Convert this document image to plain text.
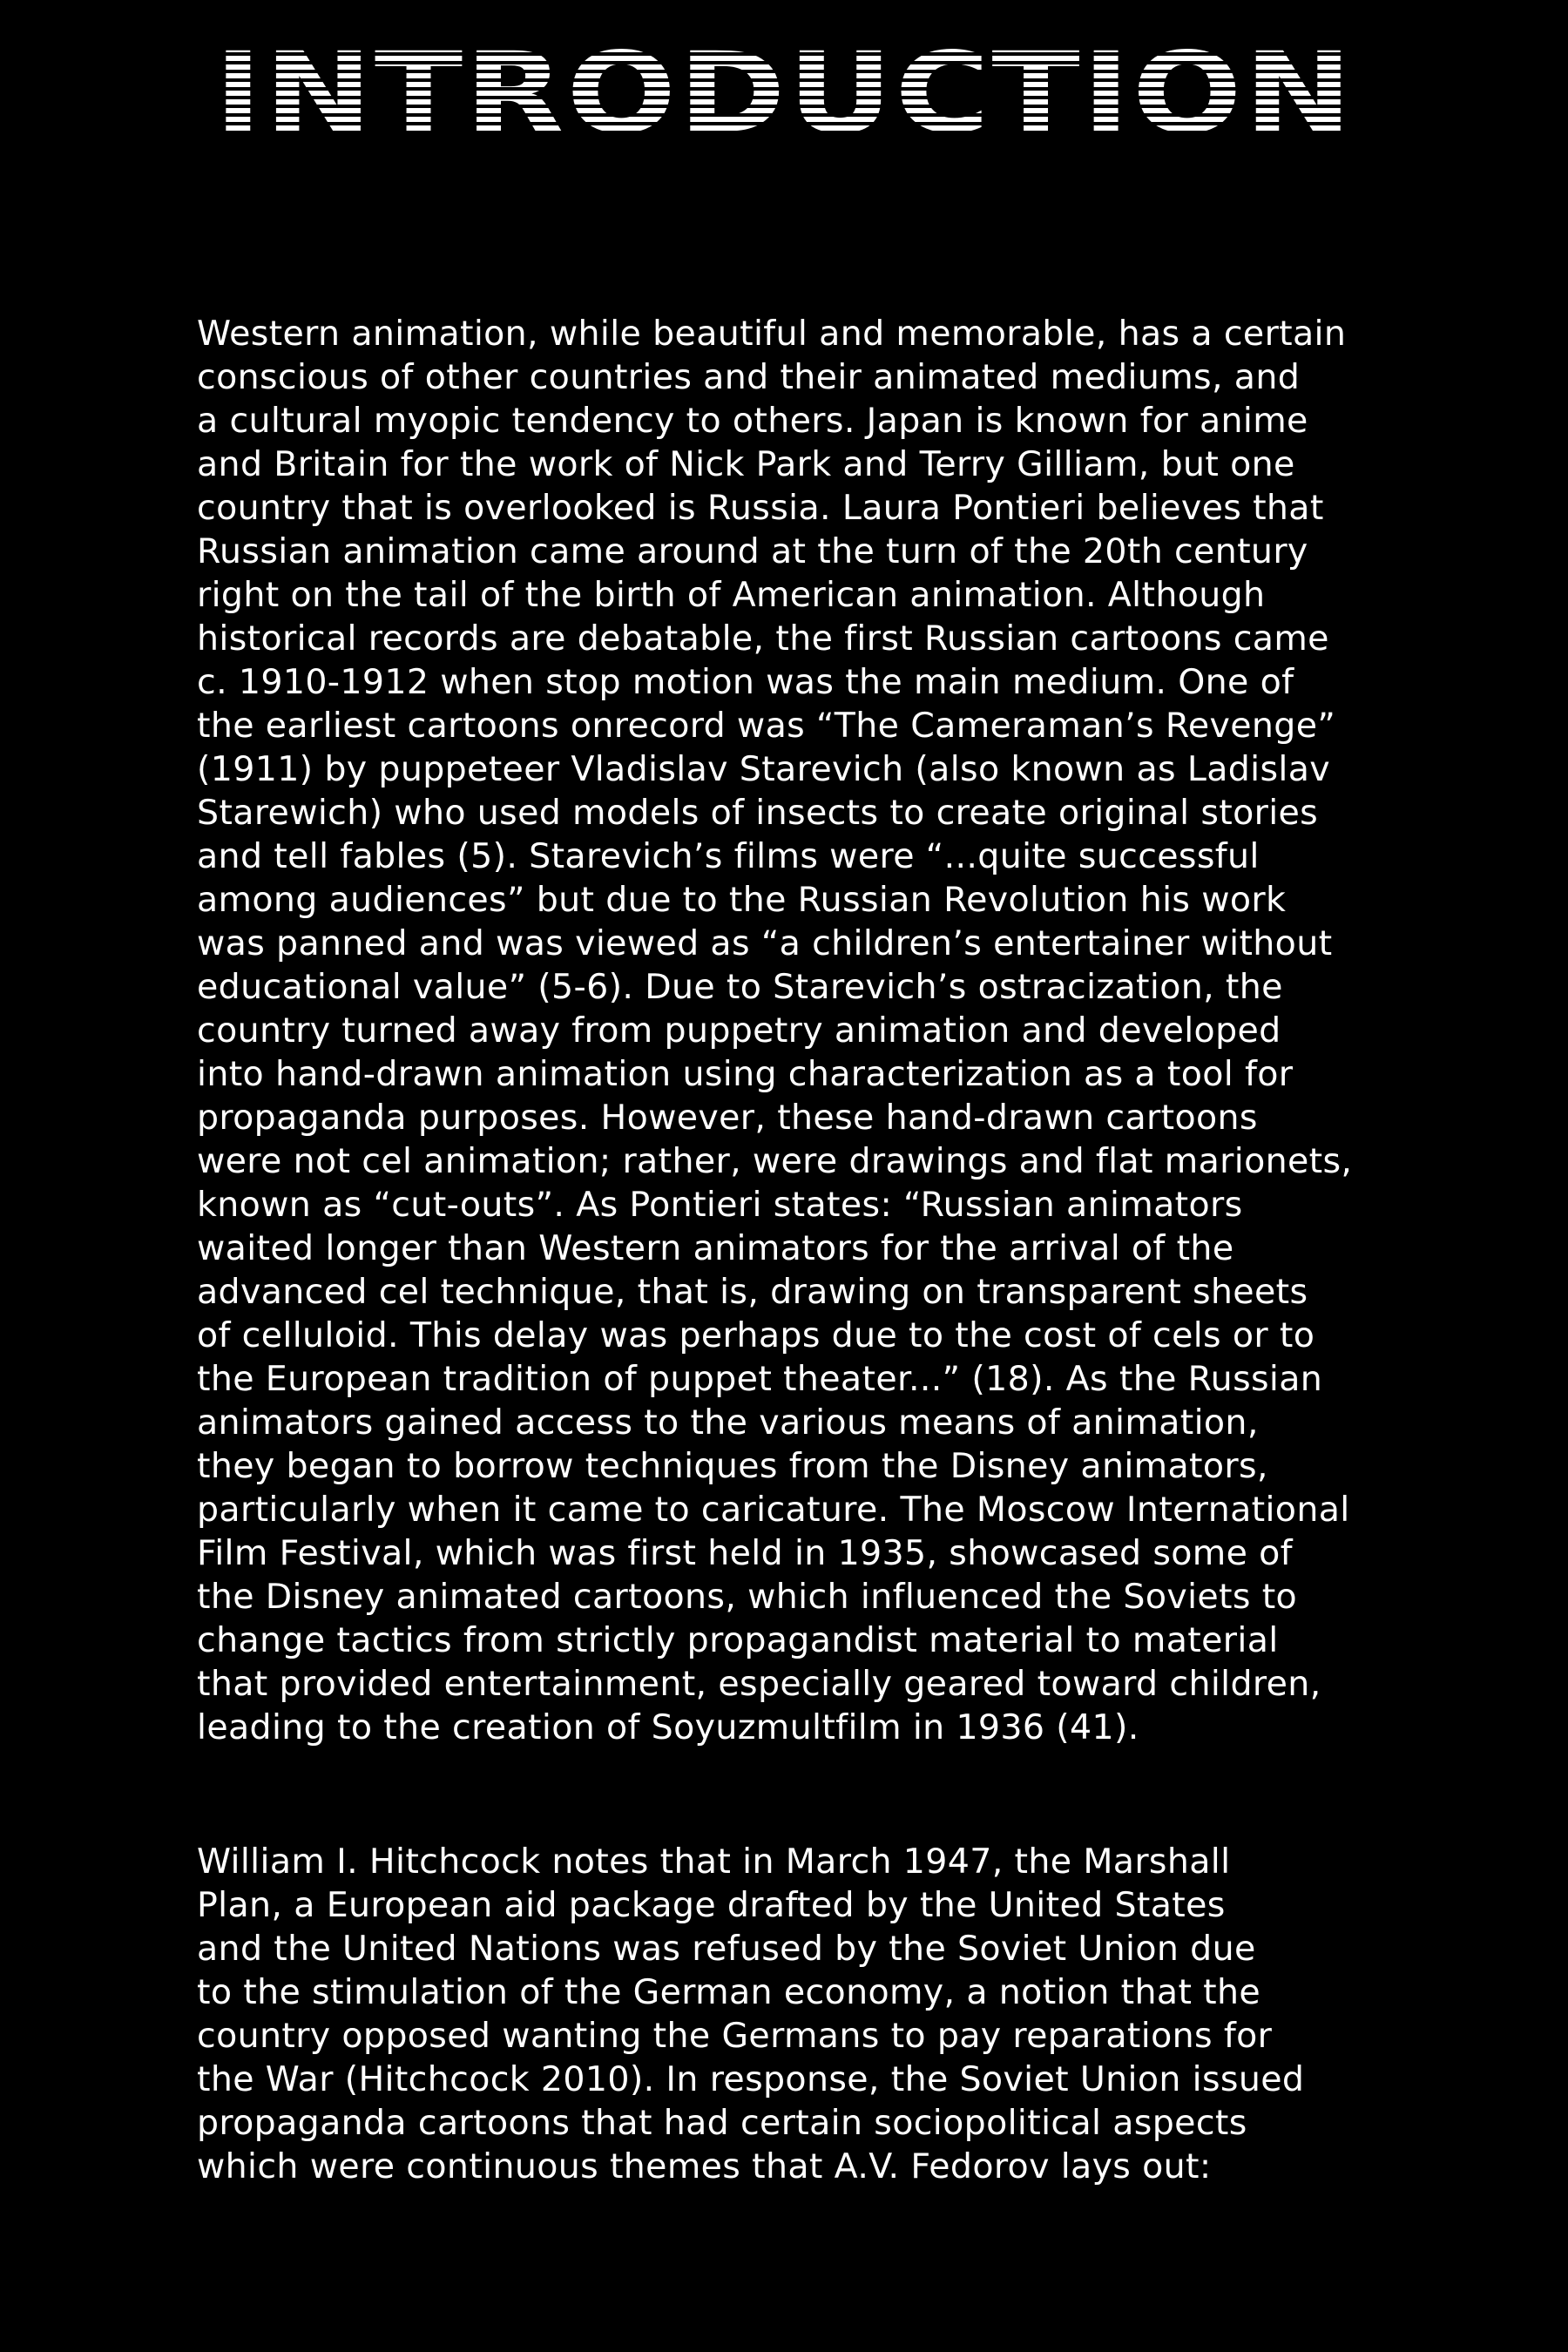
INTRODUCTION

Western animation, while beautiful and memorable, has a certain
conscious of other countries and their animated mediums, and
a cultural myopic tendency to others. Japan is known for anime
and Britain for the work of Nick Park and Terry Gilliam, but one
country that is overlooked is Russia. Laura Pontieri believes that
Russian animation came around at the turn of the 20th century
right on the tail of the birth of American animation. Although
historical records are debatable, the first Russian cartoons came
c. 1910-1912 when stop motion was the main medium. One of
the earliest cartoons onrecord was “The Cameraman’s Revenge”
(1911) by puppeteer Vladislav Starevich (also known as Ladislav
Starewich) who used models of insects to create original stories
and tell fables (5). Starevich’s films were “...quite successful
among audiences” but due to the Russian Revolution his work
was panned and was viewed as “a children’s entertainer without
educational value” (5-6). Due to Starevich’s ostracization, the
country turned away from puppetry animation and developed
into hand-drawn animation using characterization as a tool for
propaganda purposes. However, these hand-drawn cartoons
were not cel animation; rather, were drawings and flat marionets,
known as “cut-outs”. As Pontieri states: “Russian animators
waited longer than Western animators for the arrival of the
advanced cel technique, that is, drawing on transparent sheets
of celluloid. This delay was perhaps due to the cost of cels or to
the European tradition of puppet theater...” (18). As the Russian
animators gained access to the various means of animation,
they began to borrow techniques from the Disney animators,
particularly when it came to caricature. The Moscow International
Film Festival, which was first held in 1935, showcased some of
the Disney animated cartoons, which influenced the Soviets to
change tactics from strictly propagandist material to material
that provided entertainment, especially geared toward children,
leading to the creation of Soyuzmultfilm in 1936 (41).

William I. Hitchcock notes that in March 1947, the Marshall
Plan, a European aid package drafted by the United States
and the United Nations was refused by the Soviet Union due
to the stimulation of the German economy, a notion that the
country opposed wanting the Germans to pay reparations for
the War (Hitchcock 2010). In response, the Soviet Union issued
propaganda cartoons that had certain sociopolitical aspects
which were continuous themes that A.V. Fedorov lays out:
